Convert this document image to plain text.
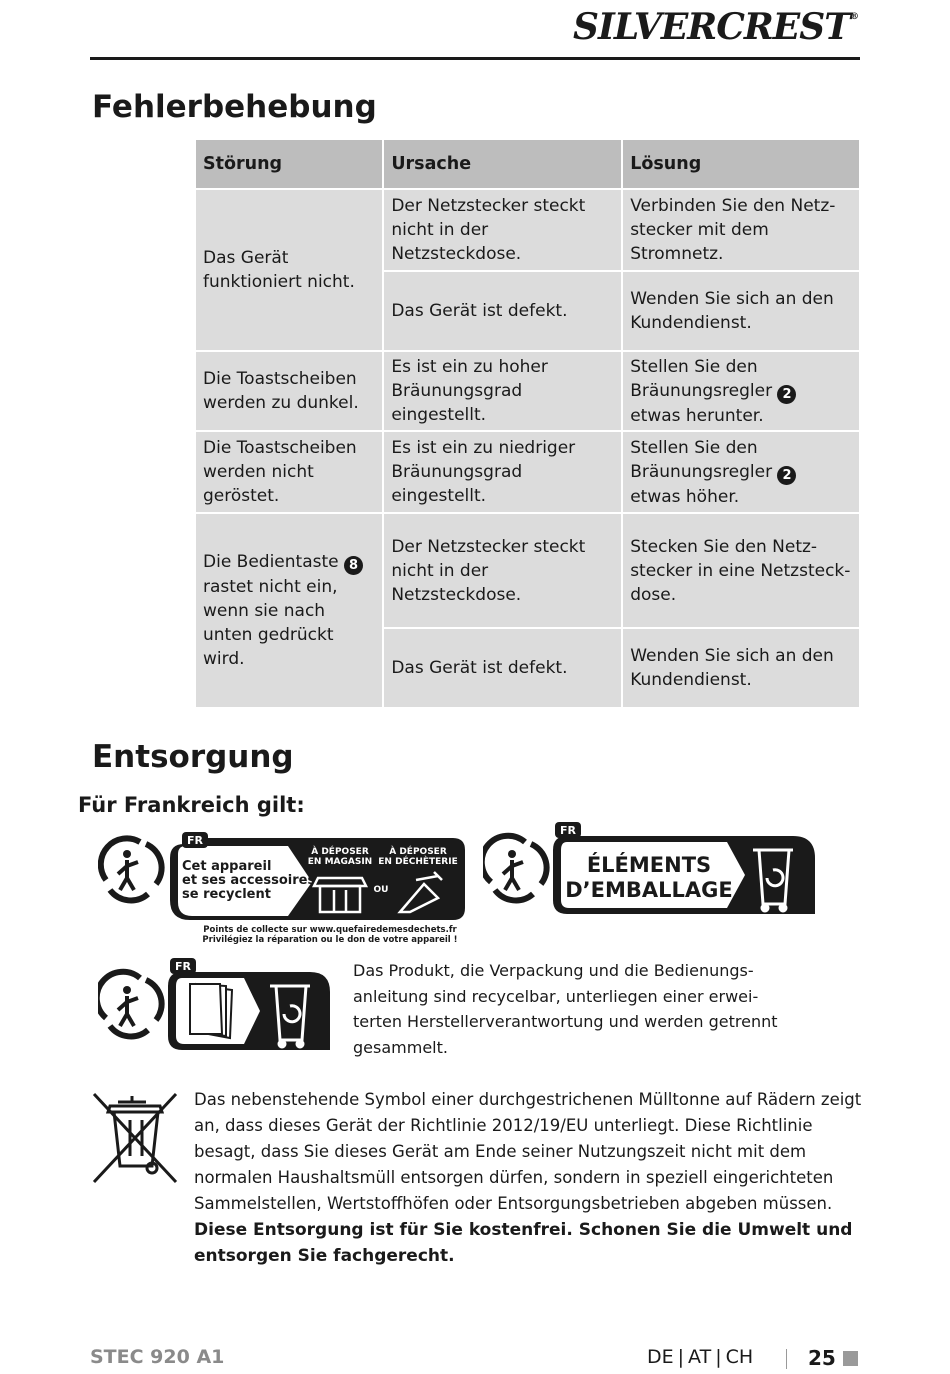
SILVERCREST®
Fehlerbehebung
Störung	Ursache	Lösung
Das Gerät funktioniert nicht.	Der Netzstecker steckt nicht in der Netzsteckdose.	Verbinden Sie den Netzstecker mit dem Stromnetz.
	Das Gerät ist defekt.	Wenden Sie sich an den Kundendienst.
Die Toastscheiben werden zu dunkel.	Es ist ein zu hoher Bräunungsgrad eingestellt.	Stellen Sie den Bräunungsregler 2 etwas herunter.
Die Toastscheiben werden nicht geröstet.	Es ist ein zu niedriger Bräunungsgrad eingestellt.	Stellen Sie den Bräunungsregler 2 etwas höher.
Die Bedientaste 8 rastet nicht ein, wenn sie nach unten gedrückt wird.	Der Netzstecker steckt nicht in der Netzsteckdose.	Stecken Sie den Netzstecker in eine Netzsteckdose.
	Das Gerät ist defekt.	Wenden Sie sich an den Kundendienst.
Entsorgung
Für Frankreich gilt:
FR
Cet appareil
et ses accessoires
se recyclent
À DÉPOSER
EN MAGASIN
À DÉPOSER
EN DÉCHÈTERIE
OU
Points de collecte sur www.quefairedemesdechets.fr
Privilégiez la réparation ou le don de votre appareil !
FR
ÉLÉMENTS
D’EMBALLAGE
FR	Das Produkt, die Verpackung und die Bedienungsanleitung sind recycelbar, unterliegen einer erweiterten Herstellerverantwortung und werden getrennt gesammelt.
Das nebenstehende Symbol einer durchgestrichenen Mülltonne auf Rädern zeigt an, dass dieses Gerät der Richtlinie 2012/19/EU unterliegt. Diese Richtlinie besagt, dass Sie dieses Gerät am Ende seiner Nutzungszeit nicht mit dem normalen Haushaltsmüll entsorgen dürfen, sondern in speziell eingerichteten Sammelstellen, Wertstoffhöfen oder Entsorgungsbetrieben abgeben müssen. Diese Entsorgung ist für Sie kostenfrei. Schonen Sie die Umwelt und entsorgen Sie fachgerecht.
STEC 920 A1	DE | AT | CH	25
